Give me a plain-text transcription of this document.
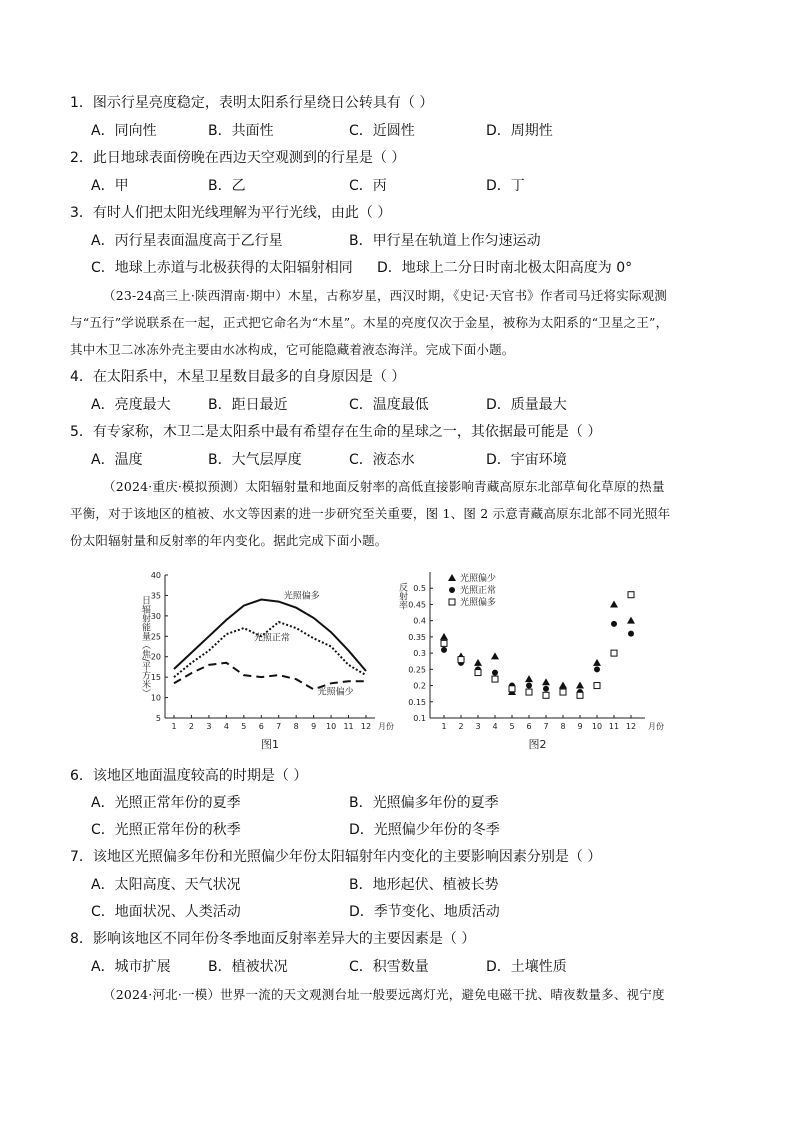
1．图示行星亮度稳定，表明太阳系行星绕日公转具有（ ）
A．同向性	B．共面性	C．近圆性	D．周期性
2．此日地球表面傍晚在西边天空观测到的行星是（ ）
A．甲	B．乙	C．丙	D．丁
3．有时人们把太阳光线理解为平行光线，由此（ ）
A．丙行星表面温度高于乙行星	B．甲行星在轨道上作匀速运动
C．地球上赤道与北极获得的太阳辐射相同 D．地球上二分日时南北极太阳高度为 0°
（23-24高三上·陕西渭南·期中）木星，古称岁星，西汉时期，《史记·天官书》作者司马迁将实际观测
与“五行”学说联系在一起，正式把它命名为“木星”。木星的亮度仅次于金星，被称为太阳系的“卫星之王”，
其中木卫二冰冻外壳主要由水冰构成，它可能隐藏着液态海洋。完成下面小题。
4．在太阳系中，木星卫星数目最多的自身原因是（ ）
A．亮度最大	B．距日最近	C．温度最低	D．质量最大
5．有专家称，木卫二是太阳系中最有希望存在生命的星球之一，其依据最可能是（ ）
A．温度	B．大气层厚度	C．液态水	D．宇宙环境
（2024·重庆·模拟预测）太阳辐射量和地面反射率的高低直接影响青藏高原东北部草甸化草原的热量
平衡，对于该地区的植被、水文等因素的进一步研究至关重要，图 1、图 2 示意青藏高原东北部不同光照年
份太阳辐射量和反射率的年内变化。据此完成下面小题。
5
10
15
20
25
30
35
40
1 2 3 4 5 6 7 8 9 10 11 12 月份
日辐射能量（焦/平方米）
图1
光照偏多
光照正常
光照偏少
0.1
0.15
0.2
0.25
0.3
0.35
0.4
0.45
0.5
1 2 3 4 5 6 7 8 9 10 11 12 月份
反射率
图2
光照偏少
光照正常
光照偏多
6．该地区地面温度较高的时期是（ ）
A．光照正常年份的夏季	B．光照偏多年份的夏季
C．光照正常年份的秋季	D．光照偏少年份的冬季
7．该地区光照偏多年份和光照偏少年份太阳辐射年内变化的主要影响因素分别是（ ）
A．太阳高度、天气状况	B．地形起伏、植被长势
C．地面状况、人类活动	D．季节变化、地质活动
8．影响该地区不同年份冬季地面反射率差异大的主要因素是（ ）
A．城市扩展	B．植被状况	C．积雪数量	D．土壤性质
（2024·河北·一模）世界一流的天文观测台址一般要远离灯光，避免电磁干扰、晴夜数量多、视宁度
